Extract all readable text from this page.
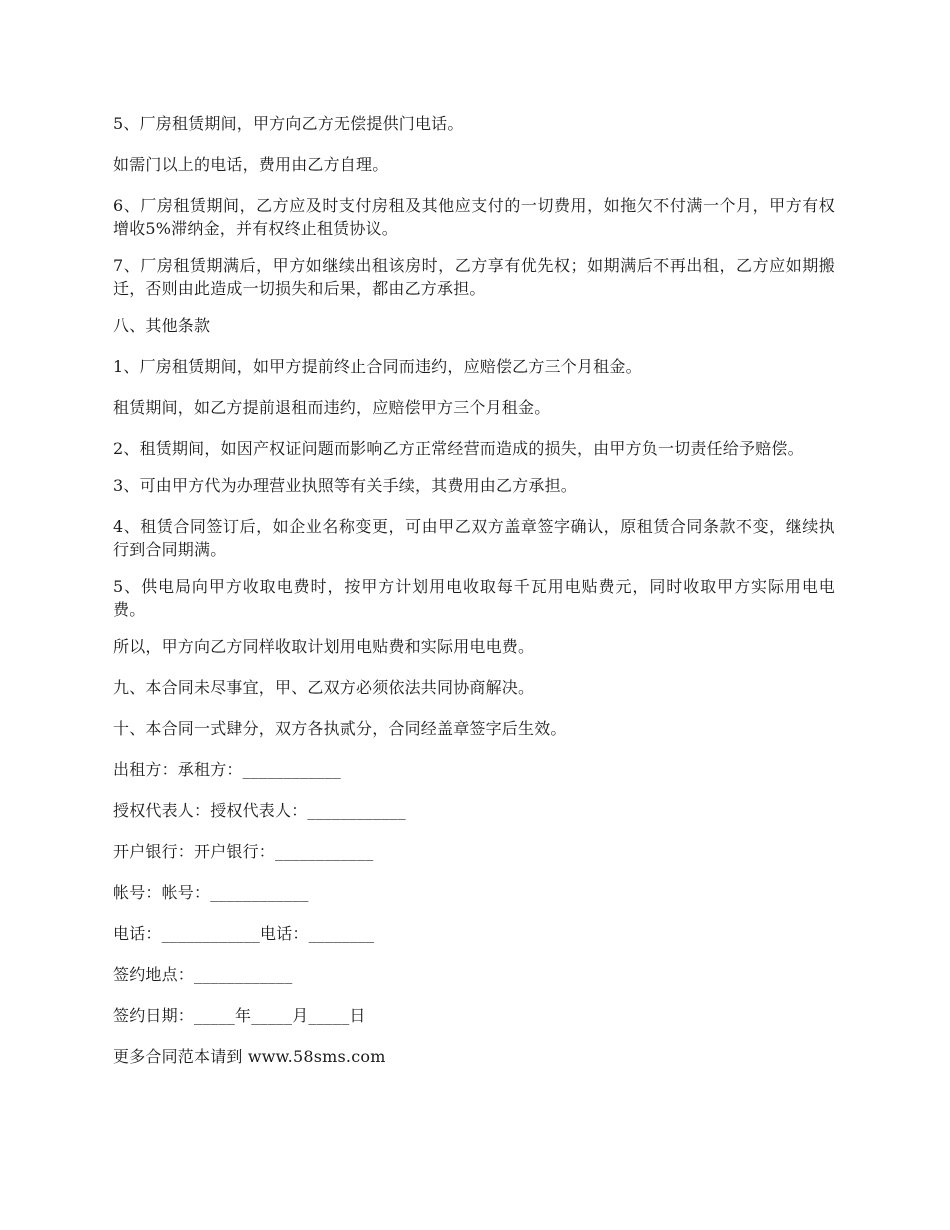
5、厂房租赁期间，甲方向乙方无偿提供门电话。

如需门以上的电话，费用由乙方自理。

6、厂房租赁期间，乙方应及时支付房租及其他应支付的一切费用，如拖欠不付满一个月，甲方有权增收5%滞纳金，并有权终止租赁协议。

7、厂房租赁期满后，甲方如继续出租该房时，乙方享有优先权；如期满后不再出租，乙方应如期搬迁，否则由此造成一切损失和后果，都由乙方承担。

八、其他条款

1、厂房租赁期间，如甲方提前终止合同而违约，应赔偿乙方三个月租金。

租赁期间，如乙方提前退租而违约，应赔偿甲方三个月租金。

2、租赁期间，如因产权证问题而影响乙方正常经营而造成的损失，由甲方负一切责任给予赔偿。

3、可由甲方代为办理营业执照等有关手续，其费用由乙方承担。

4、租赁合同签订后，如企业名称变更，可由甲乙双方盖章签字确认，原租赁合同条款不变，继续执行到合同期满。

5、供电局向甲方收取电费时，按甲方计划用电收取每千瓦用电贴费元，同时收取甲方实际用电电费。

所以，甲方向乙方同样收取计划用电贴费和实际用电电费。

九、本合同未尽事宜，甲、乙双方必须依法共同协商解决。

十、本合同一式肆分，双方各执贰分，合同经盖章签字后生效。

出租方：承租方：____________

授权代表人：授权代表人：____________

开户银行：开户银行：____________

帐号：帐号：____________

电话：____________电话：________

签约地点：____________

签约日期：_____年_____月_____日

更多合同范本请到 www.58sms.com
